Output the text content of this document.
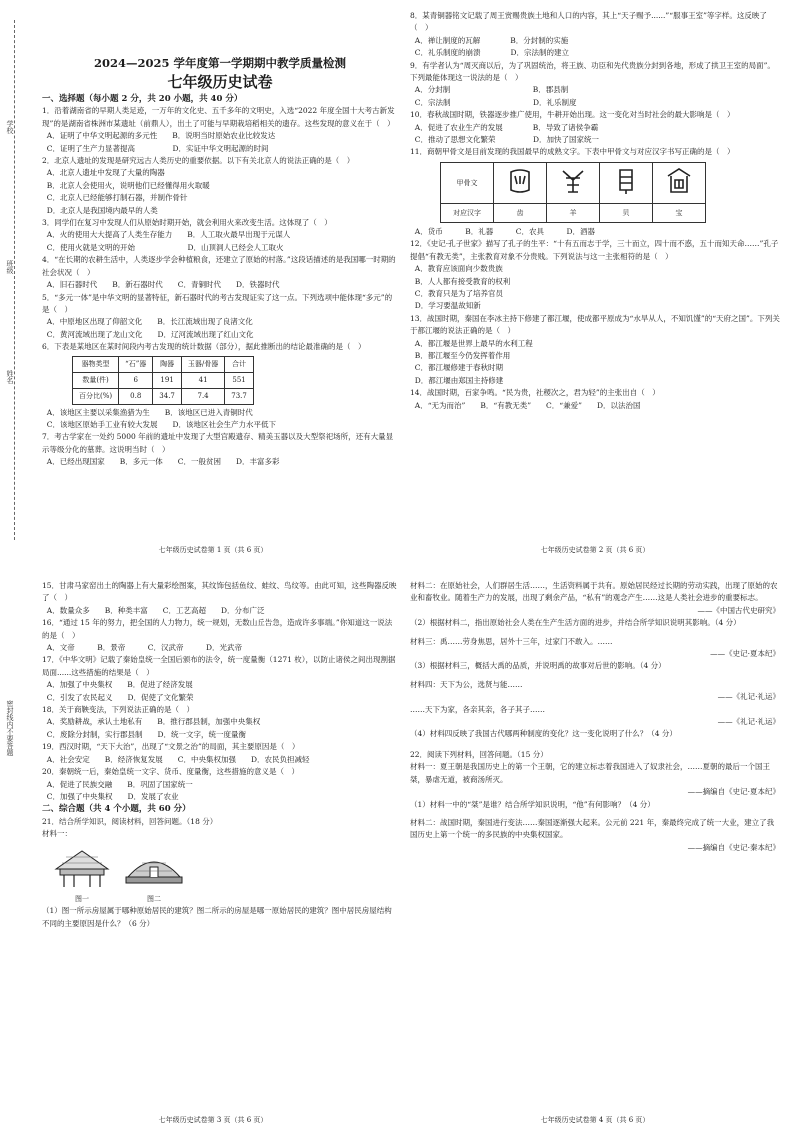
学校
班级
姓名
密封线内不要答题
2024—2025 学年度第一学期期中教学质量检测
七年级历史试卷
一、选择题（每小题 2 分，共 20 小题，共 40 分）
1．沿着湖南省的早期人类足迹，一万年的文化史、五千多年的文明史，入选“2022 年度全国十大考古新发现”的是湖南省株洲市某遗址（前鼎人），出土了可能与早期栽培稻相关的遗存。这些发现的意义在于（　）
A．证明了中华文明起源的多元性　　B．说明当时原始农业比较发达
C．证明了生产力显著提高　　　　　D．实证中华文明起源的时间
2．北京人遗址的发现是研究远古人类历史的重要依据。以下有关北京人的说法正确的是（　）
A．北京人遗址中发现了大量的陶器
B．北京人会使用火，说明他们已经懂得用火取暖
C．北京人已经能够打制石器，并制作骨针
D．北京人是我国境内最早的人类
3．同学们在复习中发现人们从原始时期开始，就会利用火来改变生活。这体现了（　）
A．火的使用大大提高了人类生存能力　　B．人工取火最早出现于元谋人
C．使用火就是文明的开始　　　　　　　D．山顶洞人已经会人工取火
4．“在长期的农耕生活中，人类逐步学会种植粮食，还建立了原始的村落。”这段话描述的是我国哪一时期的社会状况（　）
A．旧石器时代　　B．新石器时代　　C．青铜时代　　D．铁器时代
5．“多元一体”是中华文明的显著特征，新石器时代的考古发现证实了这一点。下列选项中能体现“多元”的是（　）
A．中原地区出现了仰韶文化　　B．长江流域出现了良渚文化
C．黄河流域出现了龙山文化　　D．辽河流域出现了红山文化
6．下表是某地区在某时间段内考古发现的统计数据（部分），据此推断出的结论最准确的是（　）
器物类型	“石”器	陶器	玉器/骨器	合计
数量(件)	6	191	41	551
百分比(%)	0.8	34.7	7.4	73.7
A．该地区主要以采集渔猎为生　　B．该地区已进入青铜时代
C．该地区原始手工业有较大发展　　D．该地区社会生产力水平低下
7．考古学家在一处约 5000 年前的遗址中发现了大型宫殿遗存、精美玉器以及大型祭祀场所，还有大量显示等级分化的墓葬。这说明当时（　）
A．已经出现国家　　B．多元一体　　C．一般贫困　　D．丰富多彩
七年级历史试卷第 1 页（共 6 页）
8．某青铜器铭文记载了周王赏赐贵族土地和人口的内容，其上“天子赐予......”“服事王室”等字样。这反映了（　）
A．禅让制度的瓦解　　　　B．分封制的实施
C．礼乐制度的崩溃　　　　D．宗法制的建立
9．有学者认为“周灭商以后，为了巩固统治，将王族、功臣和先代贵族分封到各地，形成了拱卫王室的局面”。下列最能体现这一说法的是（　）
A．分封制　　　　　　　　　　　B．郡县制
C．宗法制　　　　　　　　　　　D．礼乐制度
10．春秋战国时期，铁器逐步推广使用，牛耕开始出现。这一变化对当时社会的最大影响是（　）
A．促进了农业生产的发展　　　　B．导致了诸侯争霸
C．推动了思想文化繁荣　　　　　D．加快了国家统一
11．商朝甲骨文是目前发现的我国最早的成熟文字。下表中甲骨文与对应汉字书写正确的是（　）
甲骨文				
对应汉字	齿	羊	贝	宝
A．货币　　　B．礼器　　　C．农具　　　D．酒器
12．《史记·孔子世家》描写了孔子的生平：“十有五而志于学，三十而立，四十而不惑，五十而知天命……”孔子提倡“有教无类”，主张教育对象不分贵贱。下列说法与这一主张相符的是（　）
A．教育应该面向少数贵族
B．人人都有接受教育的权利
C．教育只是为了培养官员
D．学习要温故知新
13．战国时期，秦国在李冰主持下修建了都江堰，使成都平原成为“水旱从人，不知饥馑”的“天府之国”。下列关于都江堰的说法正确的是（　）
A．都江堰是世界上最早的水利工程
B．都江堰至今仍发挥着作用
C．都江堰修建于春秋时期
D．都江堰由郑国主持修建
14．战国时期，百家争鸣。“民为贵，社稷次之，君为轻”的主张出自（　）
A．“无为而治”　　B．“有教无类”　　C．“兼爱”　　D．以法治国
七年级历史试卷第 2 页（共 6 页）
15．甘肃马家窑出土的陶器上有大量彩绘图案，其纹饰包括鱼纹、蛙纹、鸟纹等。由此可知，这些陶器反映了（　）
A．数量众多　　B．种类丰富　　C．工艺高超　　D．分布广泛
16．“通过 15 年的努力，把全国的人力物力，统一规划，无数山丘告急，造成许多事端。”你知道这一说法的是（　）
A．文帝　　　B．景帝　　　C．汉武帝　　　D．光武帝
17．《中华文明》记载了秦始皇统一全国后颁布的法令，统一度量衡（1271 枚），以防止诸侯之间出现割据局面......这些措施的结果是（　）
A．加强了中央集权　　B．促进了经济发展
C．引发了农民起义　　D．促使了文化繁荣
18．关于商鞅变法，下列说法正确的是（　）
A．奖励耕战，承认土地私有　　B．推行郡县制，加强中央集权
C．废除分封制，实行郡县制　　D．统一文字，统一度量衡
19．西汉时期，“天下大治”，出现了“文景之治”的局面，其主要原因是（　）
A．社会安定　　B．经济恢复发展　　C．中央集权加强　　D．农民负担减轻
20．秦朝统一后，秦始皇统一文字、货币、度量衡，这些措施的意义是（　）
A．促进了民族交融　　B．巩固了国家统一
C．加强了中央集权　　D．发展了农业
二、综合题（共 4 个小题，共 60 分）
21．结合所学知识，阅读材料，回答问题。（18 分）
材料一：
图一	图二
（1）图一所示房屋属于哪种原始居民的建筑？图二所示的房屋是哪一原始居民的建筑？图中居民房屋结构不同的主要原因是什么？（6 分）
七年级历史试卷第 3 页（共 6 页）
材料二：在原始社会，人们群居生活……，生活资料属于共有。原始居民经过长期的劳动实践，出现了原始的农业和畜牧业。随着生产力的发展，出现了剩余产品，“私有”的观念产生……这是人类社会进步的重要标志。
——《中国古代史研究》
（2）根据材料二，指出原始社会人类在生产生活方面的进步，并结合所学知识说明其影响。（4 分）
材料三：禹……劳身焦思，居外十三年，过家门不敢入。……
——《史记·夏本纪》
（3）根据材料三，概括大禹的品质，并说明禹的故事对后世的影响。（4 分）
材料四：天下为公，选贤与能……
——《礼记·礼运》
……天下为家，各亲其亲，各子其子……
——《礼记·礼运》
（4）材料四反映了我国古代哪两种制度的变化？这一变化说明了什么？（4 分）
22．阅读下列材料，回答问题。（15 分）
材料一：夏王朝是我国历史上的第一个王朝，它的建立标志着我国进入了奴隶社会，……夏朝的最后一个国王桀，暴虐无道，被商汤所灭。
——摘编自《史记·夏本纪》
（1）材料一中的“桀”是谁？结合所学知识说明，“他”有何影响？（4 分）
材料二：战国时期，秦国进行变法……秦国逐渐强大起来。公元前 221 年，秦最终完成了统一大业，建立了我国历史上第一个统一的多民族的中央集权国家。
——摘编自《史记·秦本纪》
七年级历史试卷第 4 页（共 6 页）
